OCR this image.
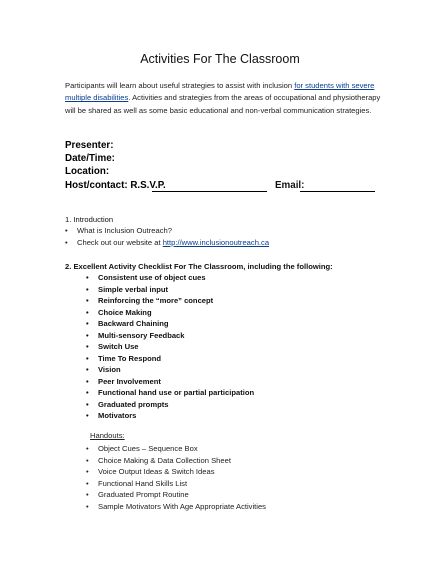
Activities For The Classroom
Participants will learn about useful strategies to assist with inclusion for students with severe multiple disabilities. Activities and strategies from the areas of occupational and physiotherapy will be shared as well as some basic educational and non-verbal communication strategies.
Presenter:
Date/Time:
Location:
Host/contact: R.S.V.P.	Email:
1. Introduction
• What is Inclusion Outreach?
• Check out our website at http://www.inclusionoutreach.ca
2. Excellent Activity Checklist For The Classroom, including the following:
• Consistent use of object cues
• Simple verbal input
• Reinforcing the “more” concept
• Choice Making
• Backward Chaining
• Multi-sensory Feedback
• Switch Use
• Time To Respond
• Vision
• Peer Involvement
• Functional hand use or partial participation
• Graduated prompts
• Motivators
Handouts:
• Object Cues – Sequence Box
• Choice Making & Data Collection Sheet
• Voice Output Ideas & Switch Ideas
• Functional Hand Skills List
• Graduated Prompt Routine
• Sample Motivators With Age Appropriate Activities
